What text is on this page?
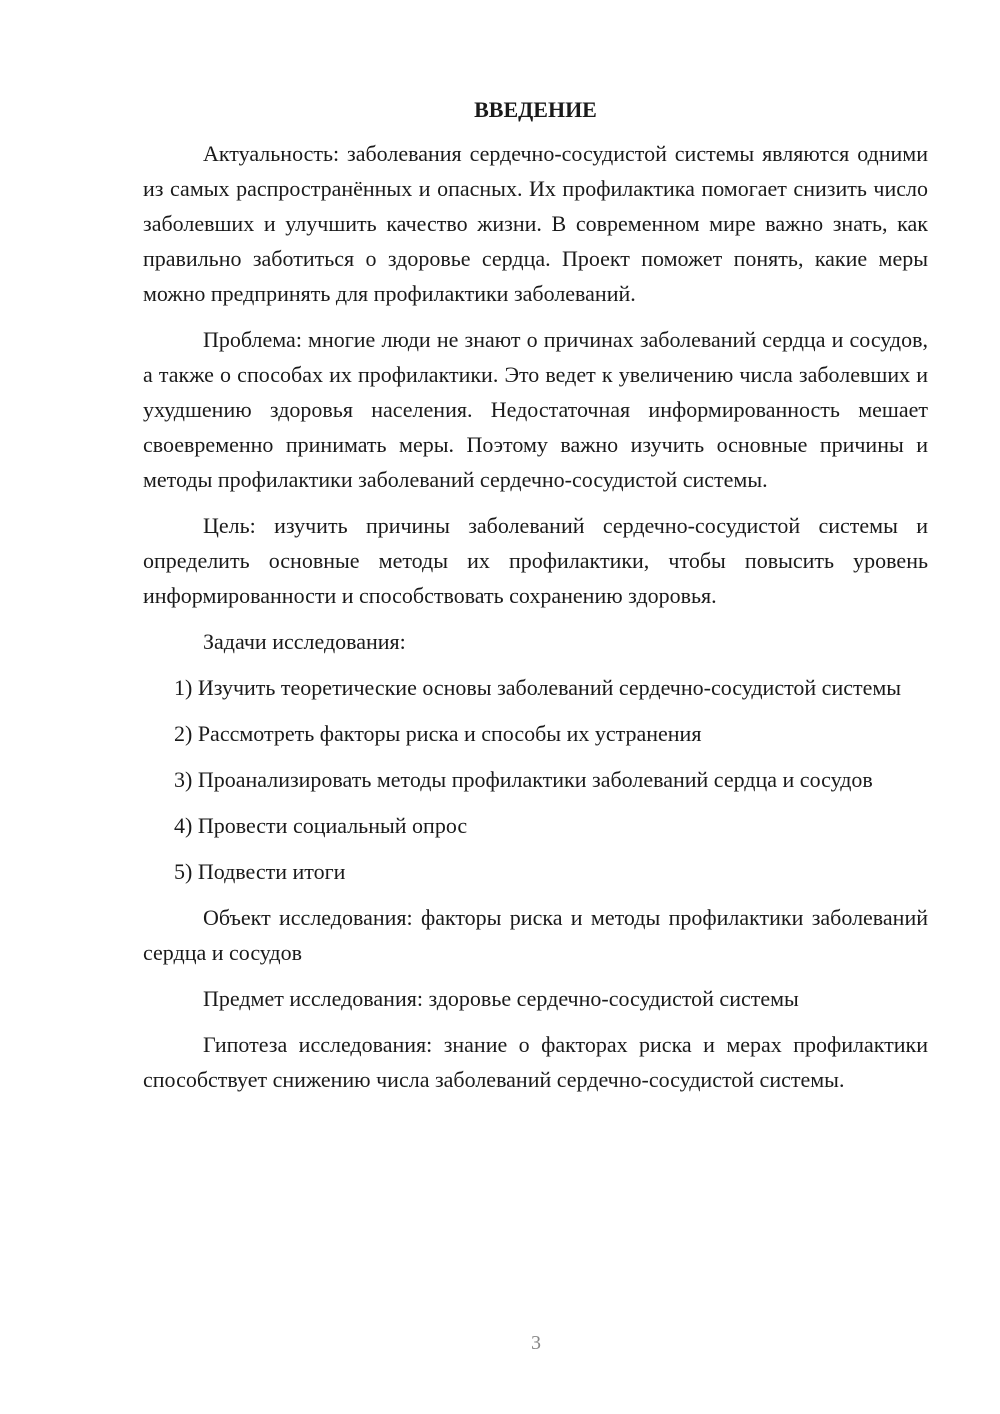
ВВЕДЕНИЕ

Актуальность: заболевания сердечно-сосудистой системы являются одними из самых распространённых и опасных. Их профилактика помогает снизить число заболевших и улучшить качество жизни. В современном мире важно знать, как правильно заботиться о здоровье сердца. Проект поможет понять, какие меры можно предпринять для профилактики заболеваний.

Проблема: многие люди не знают о причинах заболеваний сердца и сосудов, а также о способах их профилактики. Это ведет к увеличению числа заболевших и ухудшению здоровья населения. Недостаточная информированность мешает своевременно принимать меры. Поэтому важно изучить основные причины и методы профилактики заболеваний сердечно-сосудистой системы.

Цель: изучить причины заболеваний сердечно-сосудистой системы и определить основные методы их профилактики, чтобы повысить уровень информированности и способствовать сохранению здоровья.

Задачи исследования:

1) Изучить теоретические основы заболеваний сердечно-сосудистой системы

2) Рассмотреть факторы риска и способы их устранения

3) Проанализировать методы профилактики заболеваний сердца и сосудов

4) Провести социальный опрос

5) Подвести итоги

Объект исследования: факторы риска и методы профилактики заболеваний сердца и сосудов

Предмет исследования: здоровье сердечно-сосудистой системы

Гипотеза исследования: знание о факторах риска и мерах профилактики способствует снижению числа заболеваний сердечно-сосудистой системы.

3
